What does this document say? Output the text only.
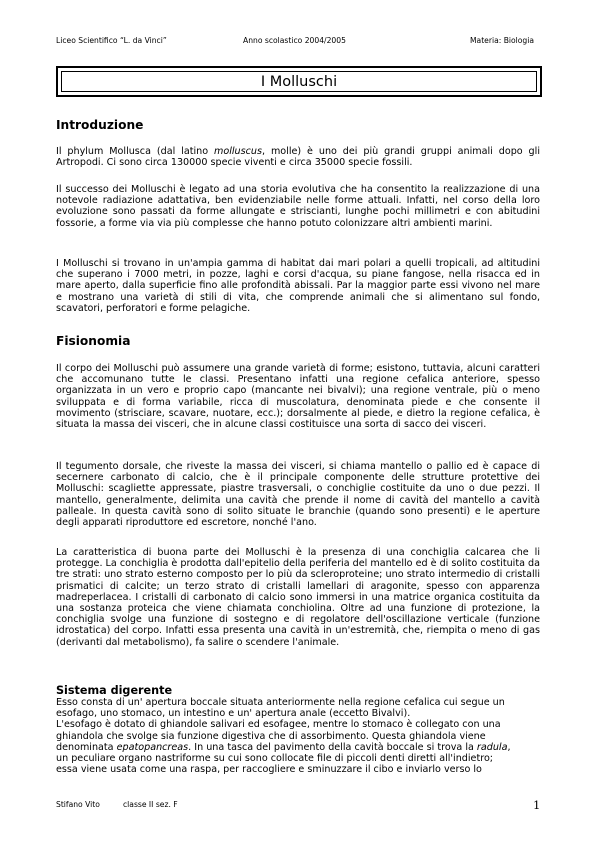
Liceo Scientifico “L. da Vinci”	Anno scolastico 2004/2005	Materia: Biologia
I Molluschi
Introduzione

Il phylum Mollusca (dal latino molluscus, molle) è uno dei più grandi gruppi animali dopo gli Artropodi. Ci sono circa 130000 specie viventi e circa 35000 specie fossili.

Il successo dei Molluschi è legato ad una storia evolutiva che ha consentito la realizzazione di una notevole radiazione adattativa, ben evidenziabile nelle forme attuali. Infatti, nel corso della loro evoluzione sono passati da forme allungate e striscianti, lunghe pochi millimetri e con abitudini fossorie, a forme via via più complesse che hanno potuto colonizzare altri ambienti marini.

I Molluschi si trovano in un'ampia gamma di habitat dai mari polari a quelli tropicali, ad altitudini che superano i 7000 metri, in pozze, laghi e corsi d'acqua, su piane fangose, nella risacca ed in mare aperto, dalla superficie fino alle profondità abissali. Par la maggior parte essi vivono nel mare e mostrano una varietà di stili di vita, che comprende animali che si alimentano sul fondo, scavatori, perforatori e forme pelagiche.

Fisionomia

Il corpo dei Molluschi può assumere una grande varietà di forme; esistono, tuttavia, alcuni caratteri che accomunano tutte le classi. Presentano infatti una regione cefalica anteriore, spesso organizzata in un vero e proprio capo (mancante nei bivalvi); una regione ventrale, più o meno sviluppata e di forma variabile, ricca di muscolatura, denominata piede e che consente il movimento (strisciare, scavare, nuotare, ecc.); dorsalmente al piede, e dietro la regione cefalica, è situata la massa dei visceri, che in alcune classi costituisce una sorta di sacco dei visceri.

Il tegumento dorsale, che riveste la massa dei visceri, si chiama mantello o pallio ed è capace di secernere carbonato di calcio, che è il principale componente delle strutture protettive dei Molluschi: scagliette appressate, piastre trasversali, o conchiglie costituite da uno o due pezzi. Il mantello, generalmente, delimita una cavità che prende il nome di cavità del mantello a cavità palleale. In questa cavità sono di solito situate le branchie (quando sono presenti) e le aperture degli apparati riproduttore ed escretore, nonché l'ano.

La caratteristica di buona parte dei Molluschi è la presenza di una conchiglia calcarea che li protegge. La conchiglia è prodotta dall'epitelio della periferia del mantello ed è di solito costituita da tre strati: uno strato esterno composto per lo più da scleroproteine; uno strato intermedio di cristalli prismatici di calcite; un terzo strato di cristalli lamellari di aragonite, spesso con apparenza madreperlacea. I cristalli di carbonato di calcio sono immersi in una matrice organica costituita da una sostanza proteica che viene chiamata conchiolina. Oltre ad una funzione di protezione, la conchiglia svolge una funzione di sostegno e di regolatore dell'oscillazione verticale (funzione idrostatica) del corpo. Infatti essa presenta una cavità in un'estremità, che, riempita o meno di gas (derivanti dal metabolismo), fa salire o scendere l'animale.

Sistema digerente
Esso consta di un' apertura boccale situata anteriormente nella regione cefalica cui segue un
esofago, uno stomaco, un intestino e un' apertura anale (eccetto Bivalvi).
L'esofago è dotato di ghiandole salivari ed esofagee, mentre lo stomaco è collegato con una
ghiandola che svolge sia funzione digestiva che di assorbimento. Questa ghiandola viene
denominata epatopancreas. In una tasca del pavimento della cavità boccale si trova la radula,
un peculiare organo nastriforme su cui sono collocate file di piccoli denti diretti all'indietro;
essa viene usata come una raspa, per raccogliere e sminuzzare il cibo e inviarlo verso lo
Stifano Vito	classe II sez. F	1
